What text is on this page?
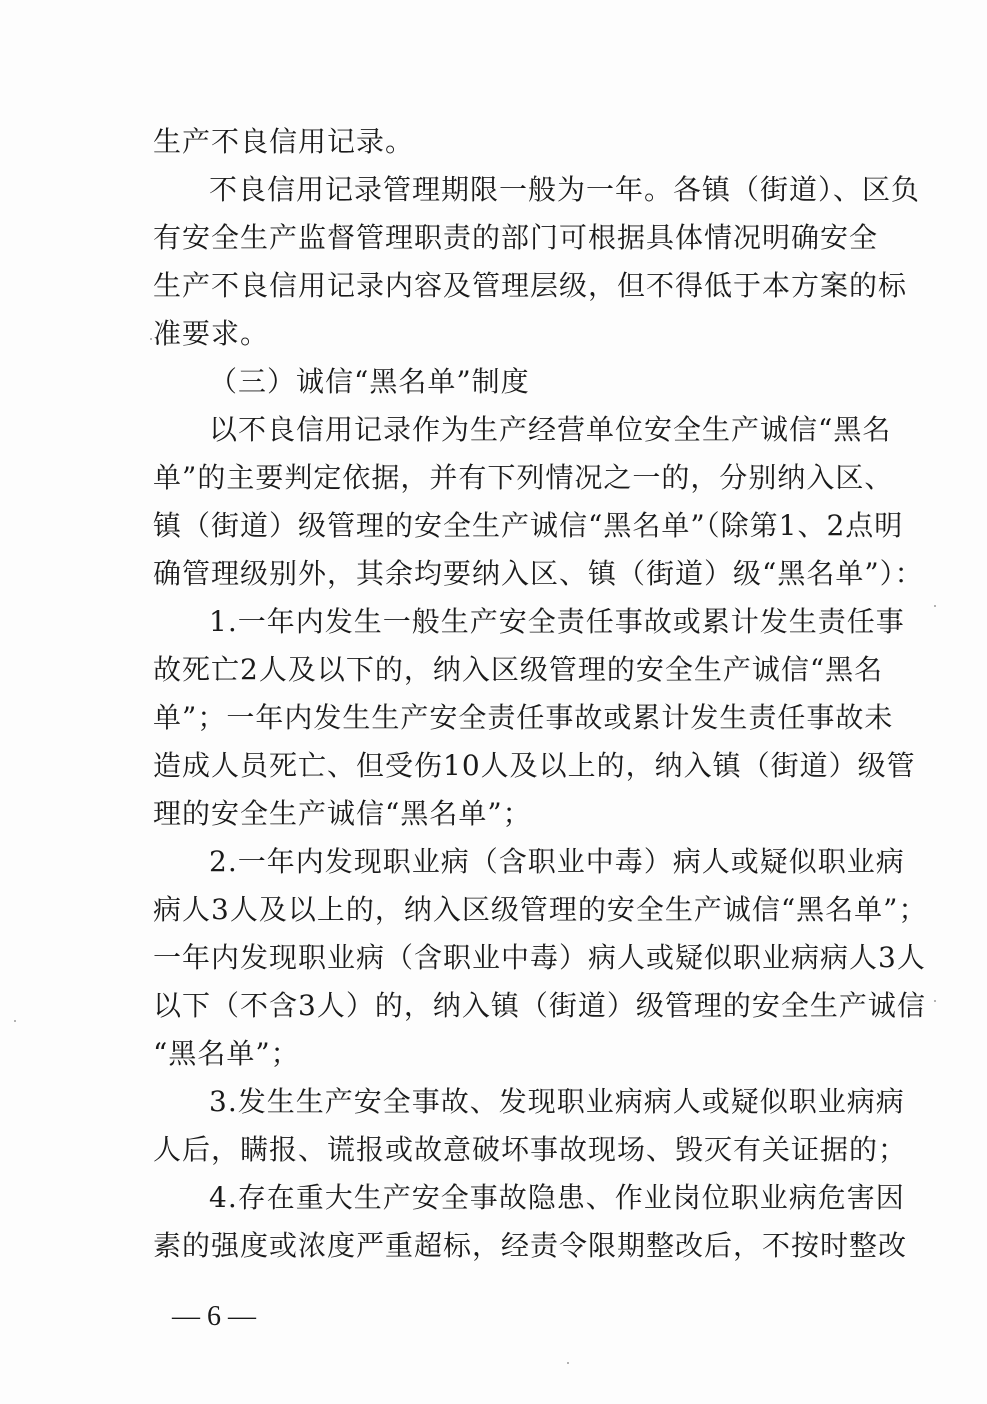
生产不良信用记录。
不良信用记录管理期限一般为一年。各镇（街道）、区负
有安全生产监督管理职责的部门可根据具体情况明确安全
生产不良信用记录内容及管理层级，但不得低于本方案的标
准要求。
（三）诚信“黑名单”制度
以不良信用记录作为生产经营单位安全生产诚信“黑名
单”的主要判定依据，并有下列情况之一的，分别纳入区、
镇（街道）级管理的安全生产诚信“黑名单”（除第1、2点明
确管理级别外，其余均要纳入区、镇（街道）级“黑名单”）：
1.一年内发生一般生产安全责任事故或累计发生责任事
故死亡2人及以下的，纳入区级管理的安全生产诚信“黑名
单”；一年内发生生产安全责任事故或累计发生责任事故未
造成人员死亡、但受伤10人及以上的，纳入镇（街道）级管
理的安全生产诚信“黑名单”；
2.一年内发现职业病（含职业中毒）病人或疑似职业病
病人3人及以上的，纳入区级管理的安全生产诚信“黑名单”；
一年内发现职业病（含职业中毒）病人或疑似职业病病人3人
以下（不含3人）的，纳入镇（街道）级管理的安全生产诚信
“黑名单”；
3.发生生产安全事故、发现职业病病人或疑似职业病病
人后，瞒报、谎报或故意破坏事故现场、毁灭有关证据的；
4.存在重大生产安全事故隐患、作业岗位职业病危害因
素的强度或浓度严重超标，经责令限期整改后，不按时整改
— 6 —
